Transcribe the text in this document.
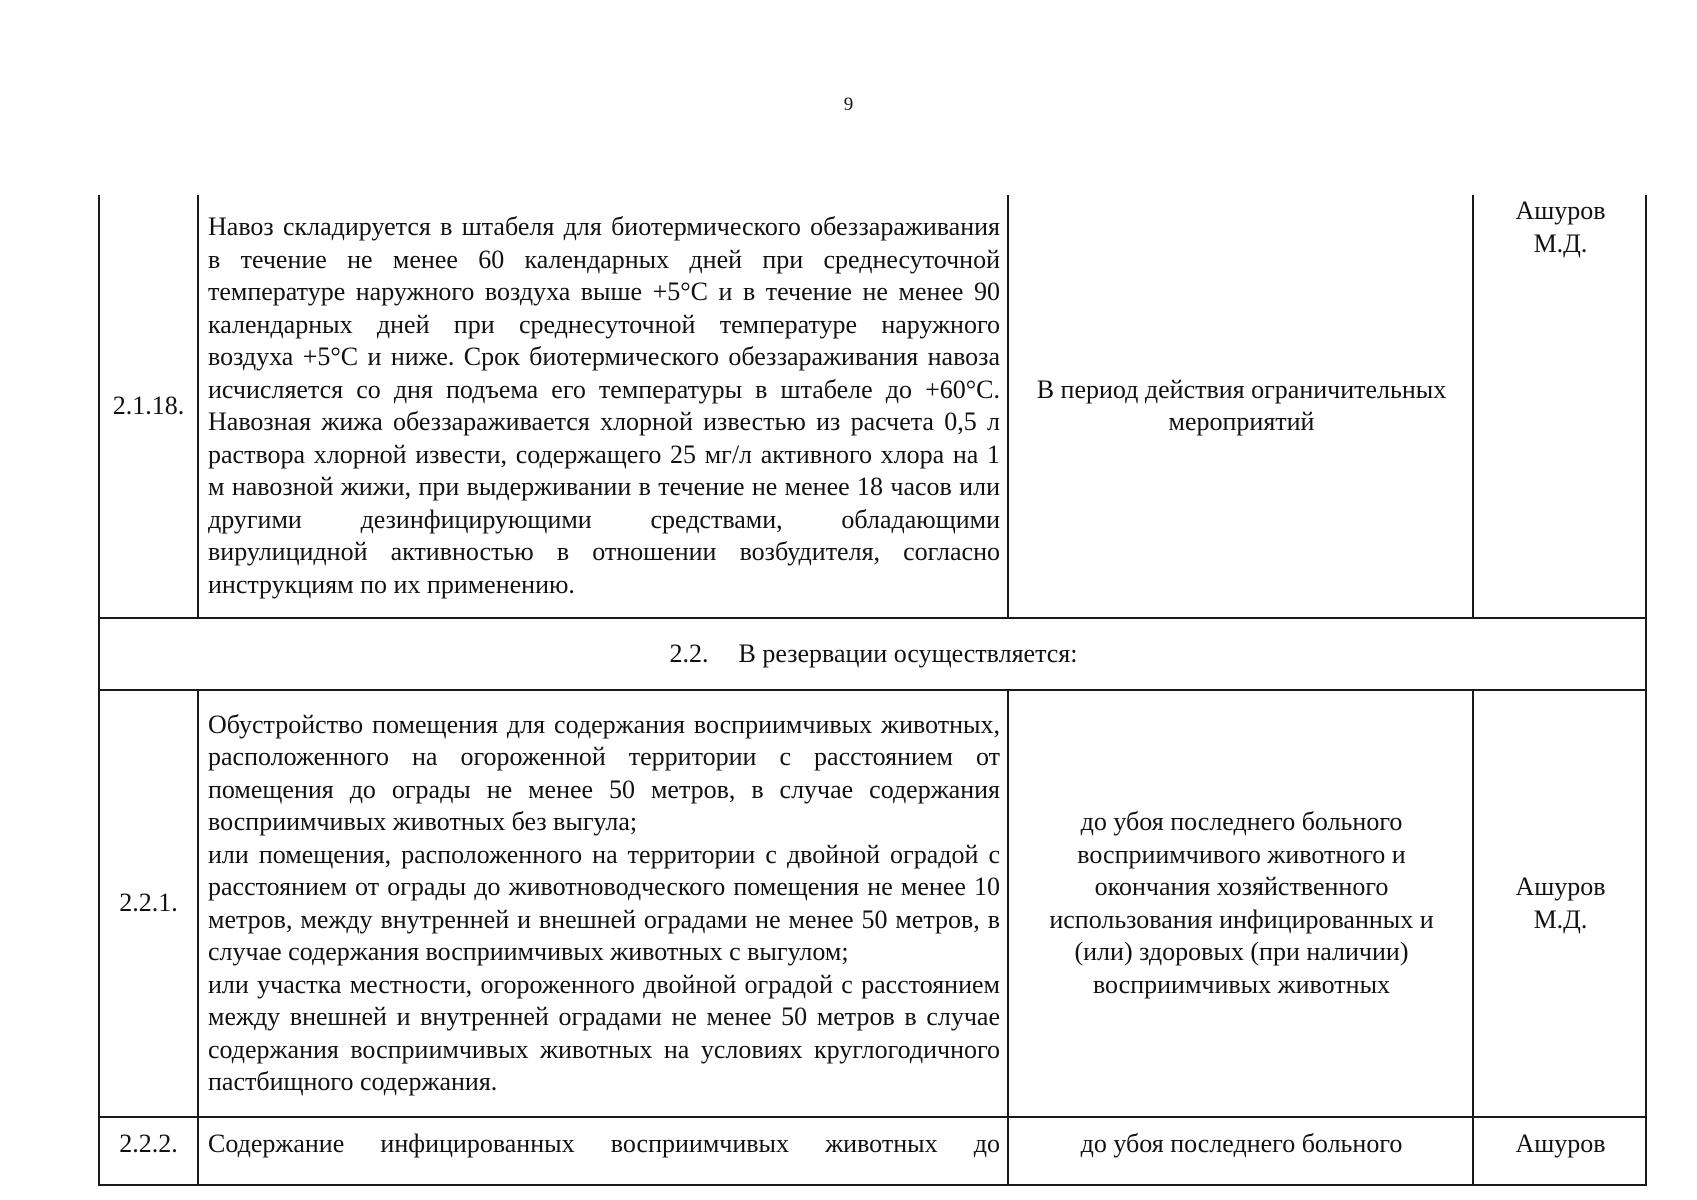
9
2.1.18.	Навоз складируется в штабеля для биотермического обеззараживания в течение не менее 60 календарных дней при среднесуточной температуре наружного воздуха выше +5°C и в течение не менее 90 календарных дней при среднесуточной температуре наружного воздуха +5°C и ниже. Срок биотермического обеззараживания навоза исчисляется со дня подъема его температуры в штабеле до +60°C. Навозная жижа обеззараживается хлорной известью из расчета 0,5 л раствора хлорной извести, содержащего 25 мг/л активного хлора на 1 м навозной жижи, при выдерживании в течение не менее 18 часов или другими дезинфицирующими средствами, обладающими вирулицидной активностью в отношении возбудителя, согласно инструкциям по их применению.	В период действия ограничительных мероприятий	Ашуров
М.Д.

2.2. В резервации осуществляется:			
2.2.1.	Обустройство помещения для содержания восприимчивых животных, расположенного на огороженной территории с расстоянием от помещения до ограды не менее 50 метров, в случае содержания восприимчивых животных без выгула;
или помещения, расположенного на территории с двойной оградой с расстоянием от ограды до животноводческого помещения не менее 10 метров, между внутренней и внешней оградами не менее 50 метров, в случае содержания восприимчивых животных с выгулом;
или участка местности, огороженного двойной оградой с расстоянием между внешней и внутренней оградами не менее 50 метров в случае содержания восприимчивых животных на условиях круглогодичного пастбищного содержания.	до убоя последнего больного восприимчивого животного и окончания хозяйственного использования инфицированных и (или) здоровых (при наличии) восприимчивых животных	Ашуров
М.Д.

2.2.2.	Содержание инфицированных восприимчивых животных до	до убоя последнего больного	Ашуров
